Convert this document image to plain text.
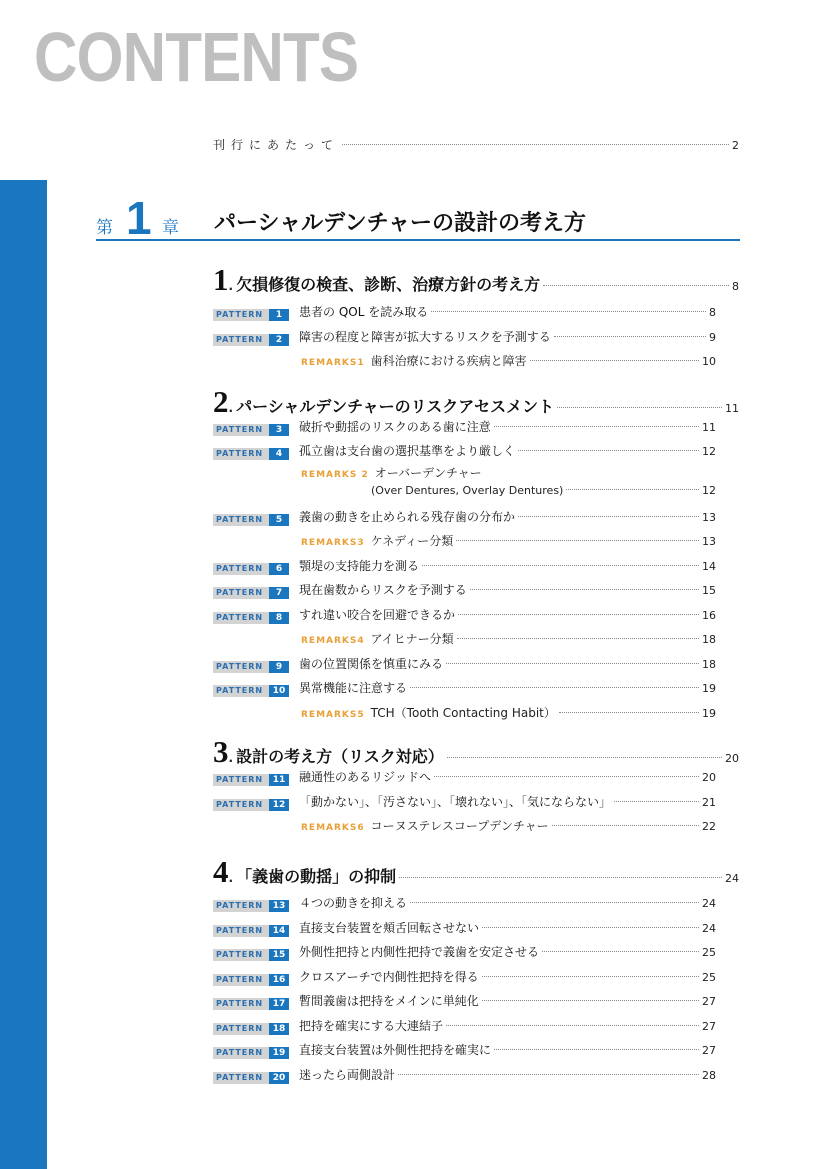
CONTENTS
刊行にあたって	2
第 1 章 パーシャルデンチャーの設計の考え方
1 . 欠損修復の検査、診断、治療方針の考え方	8
PATTERN	1	患者の QOL を読み取る	8
PATTERN	2	障害の程度と障害が拡大するリスクを予測する	9
REMARKS1 歯科治療における疾病と障害	10
2 . パーシャルデンチャーのリスクアセスメント	11
PATTERN	3	破折や動揺のリスクのある歯に注意	11
PATTERN	4	孤立歯は支台歯の選択基準をより厳しく	12
REMARKS 2 オーバーデンチャー
(Over Dentures, Overlay Dentures)	12
PATTERN	5	義歯の動きを止められる残存歯の分布か	13
REMARKS3 ケネディー分類	13
PATTERN	6	顎堤の支持能力を測る	14
PATTERN	7	現在歯数からリスクを予測する	15
PATTERN	8	すれ違い咬合を回避できるか	16
REMARKS4 アイヒナー分類	18
PATTERN	9	歯の位置関係を慎重にみる	18
PATTERN	10	異常機能に注意する	19
REMARKS5 TCH（Tooth Contacting Habit）	19
3 . 設計の考え方（リスク対応）	20
PATTERN	11	融通性のあるリジッドへ	20
PATTERN	12	「動かない」、「汚さない」、「壊れない」、「気にならない」	21
REMARKS6 コーヌステレスコープデンチャー	22
4 . 「義歯の動揺」の抑制	24
PATTERN	13	４つの動きを抑える	24
PATTERN	14	直接支台装置を頬舌回転させない	24
PATTERN	15	外側性把持と内側性把持で義歯を安定させる	25
PATTERN	16	クロスアーチで内側性把持を得る	25
PATTERN	17	暫間義歯は把持をメインに単純化	27
PATTERN	18	把持を確実にする大連結子	27
PATTERN	19	直接支台装置は外側性把持を確実に	27
PATTERN	20	迷ったら両側設計	28
